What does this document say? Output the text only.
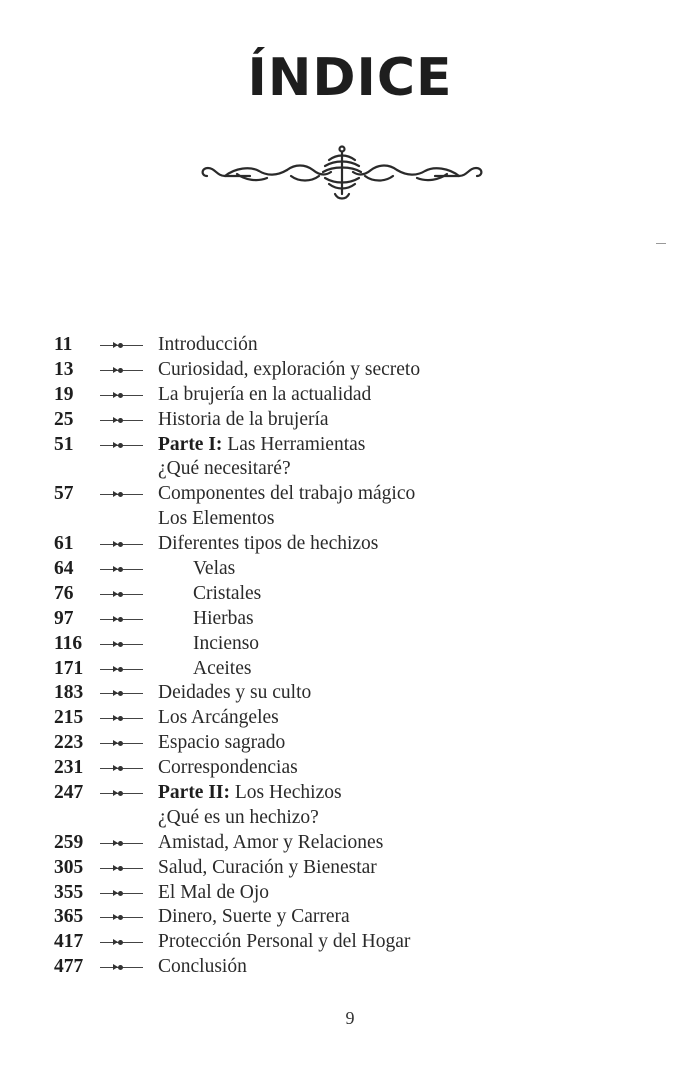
ÍNDICE
11	Introducción
13	Curiosidad, exploración y secreto
19	La brujería en la actualidad
25	Historia de la brujería
51	Parte I: Las Herramientas
¿Qué necesitaré?
57	Componentes del trabajo mágico
Los Elementos
61	Diferentes tipos de hechizos
64	Velas
76	Cristales
97	Hierbas
116	Incienso
171	Aceites
183	Deidades y su culto
215	Los Arcángeles
223	Espacio sagrado
231	Correspondencias
247	Parte II: Los Hechizos
¿Qué es un hechizo?
259	Amistad, Amor y Relaciones
305	Salud, Curación y Bienestar
355	El Mal de Ojo
365	Dinero, Suerte y Carrera
417	Protección Personal y del Hogar
477	Conclusión
9
